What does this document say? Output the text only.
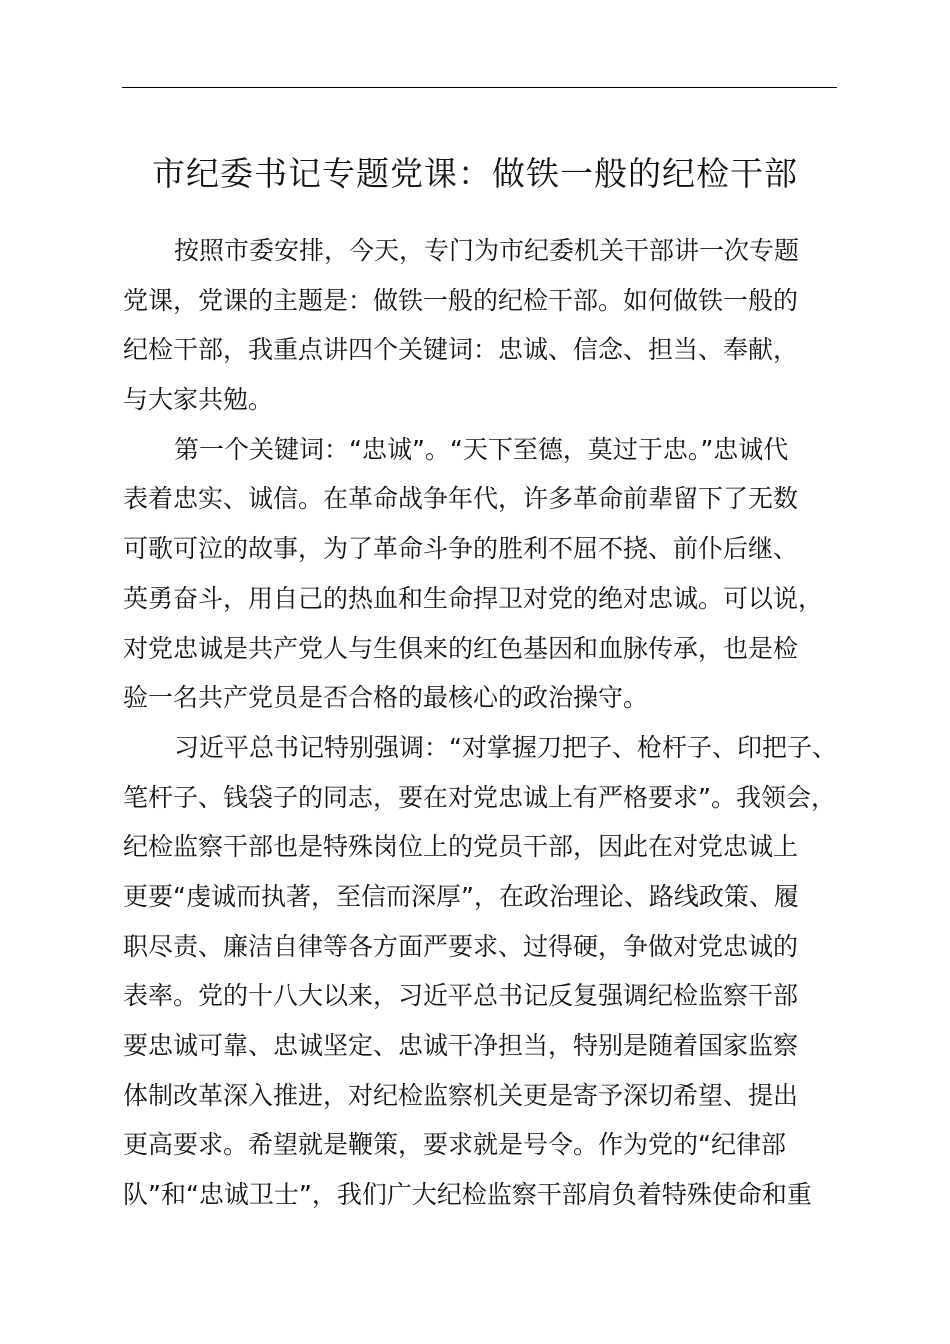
市纪委书记专题党课：做铁一般的纪检干部
按照市委安排，今天，专门为市纪委机关干部讲一次专题
党课，党课的主题是：做铁一般的纪检干部。如何做铁一般的
纪检干部，我重点讲四个关键词：忠诚、信念、担当、奉献，
与大家共勉。
第一个关键词：“忠诚”。“天下至德，莫过于忠。”忠诚代
表着忠实、诚信。在革命战争年代，许多革命前辈留下了无数
可歌可泣的故事，为了革命斗争的胜利不屈不挠、前仆后继、
英勇奋斗，用自己的热血和生命捍卫对党的绝对忠诚。可以说，
对党忠诚是共产党人与生俱来的红色基因和血脉传承，也是检
验一名共产党员是否合格的最核心的政治操守。
习近平总书记特别强调：“对掌握刀把子、枪杆子、印把子、
笔杆子、钱袋子的同志，要在对党忠诚上有严格要求”。我领会，
纪检监察干部也是特殊岗位上的党员干部，因此在对党忠诚上
更要“虔诚而执著，至信而深厚”，在政治理论、路线政策、履
职尽责、廉洁自律等各方面严要求、过得硬，争做对党忠诚的
表率。党的十八大以来，习近平总书记反复强调纪检监察干部
要忠诚可靠、忠诚坚定、忠诚干净担当，特别是随着国家监察
体制改革深入推进，对纪检监察机关更是寄予深切希望、提出
更高要求。希望就是鞭策，要求就是号令。作为党的“纪律部
队”和“忠诚卫士”，我们广大纪检监察干部肩负着特殊使命和重
